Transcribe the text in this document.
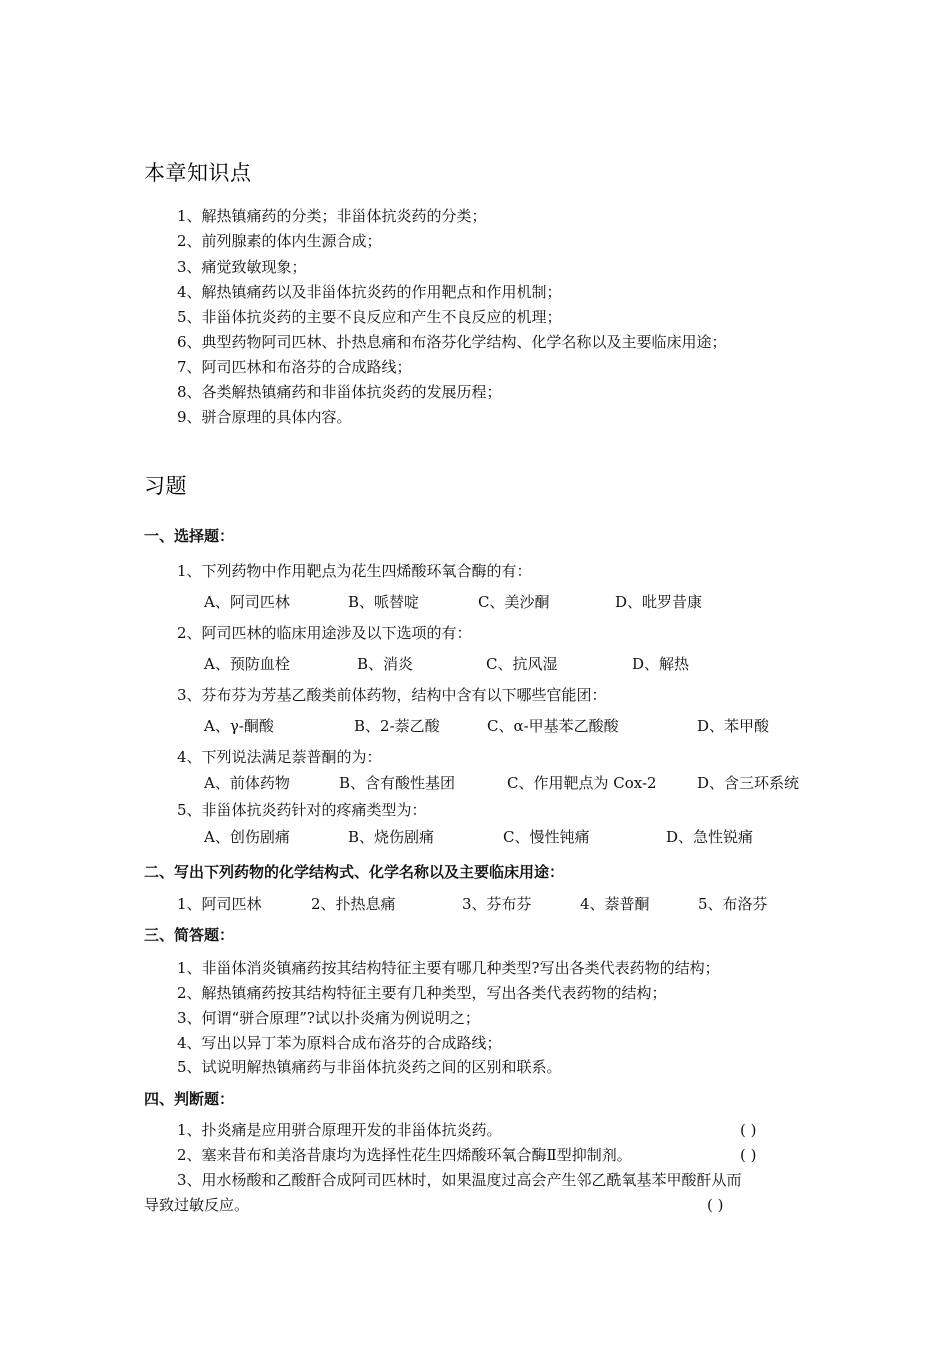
本章知识点
1、解热镇痛药的分类；非甾体抗炎药的分类；
2、前列腺素的体内生源合成；
3、痛觉致敏现象；
4、解热镇痛药以及非甾体抗炎药的作用靶点和作用机制；
5、非甾体抗炎药的主要不良反应和产生不良反应的机理；
6、典型药物阿司匹林、扑热息痛和布洛芬化学结构、化学名称以及主要临床用途；
7、阿司匹林和布洛芬的合成路线；
8、各类解热镇痛药和非甾体抗炎药的发展历程；
9、骈合原理的具体内容。
习题
一、选择题：
1、下列药物中作用靶点为花生四烯酸环氧合酶的有：
A、阿司匹林	B、哌替啶	C、美沙酮	D、吡罗昔康
2、阿司匹林的临床用途涉及以下选项的有：
A、预防血栓	B、消炎	C、抗风湿	D、解热
3、芬布芬为芳基乙酸类前体药物，结构中含有以下哪些官能团：
A、γ-酮酸	B、2-萘乙酸	C、α-甲基苯乙酸酸	D、苯甲酸
4、下列说法满足萘普酮的为：
A、前体药物	B、含有酸性基团	C、作用靶点为 Cox-2	D、含三环系统
5、非甾体抗炎药针对的疼痛类型为：
A、创伤剧痛	B、烧伤剧痛	C、慢性钝痛	D、急性锐痛
二、写出下列药物的化学结构式、化学名称以及主要临床用途：
1、阿司匹林	2、扑热息痛	3、芬布芬	4、萘普酮	5、布洛芬
三、简答题：
1、非甾体消炎镇痛药按其结构特征主要有哪几种类型?写出各类代表药物的结构；
2、解热镇痛药按其结构特征主要有几种类型，写出各类代表药物的结构；
3、何谓“骈合原理”?试以扑炎痛为例说明之；
4、写出以异丁苯为原料合成布洛芬的合成路线；
5、试说明解热镇痛药与非甾体抗炎药之间的区别和联系。
四、判断题：
1、扑炎痛是应用骈合原理开发的非甾体抗炎药。	( )
2、塞来昔布和美洛昔康均为选择性花生四烯酸环氧合酶Ⅱ型抑制剂。	( )
3、用水杨酸和乙酸酐合成阿司匹林时，如果温度过高会产生邻乙酰氧基苯甲酸酐从而
导致过敏反应。	( )
